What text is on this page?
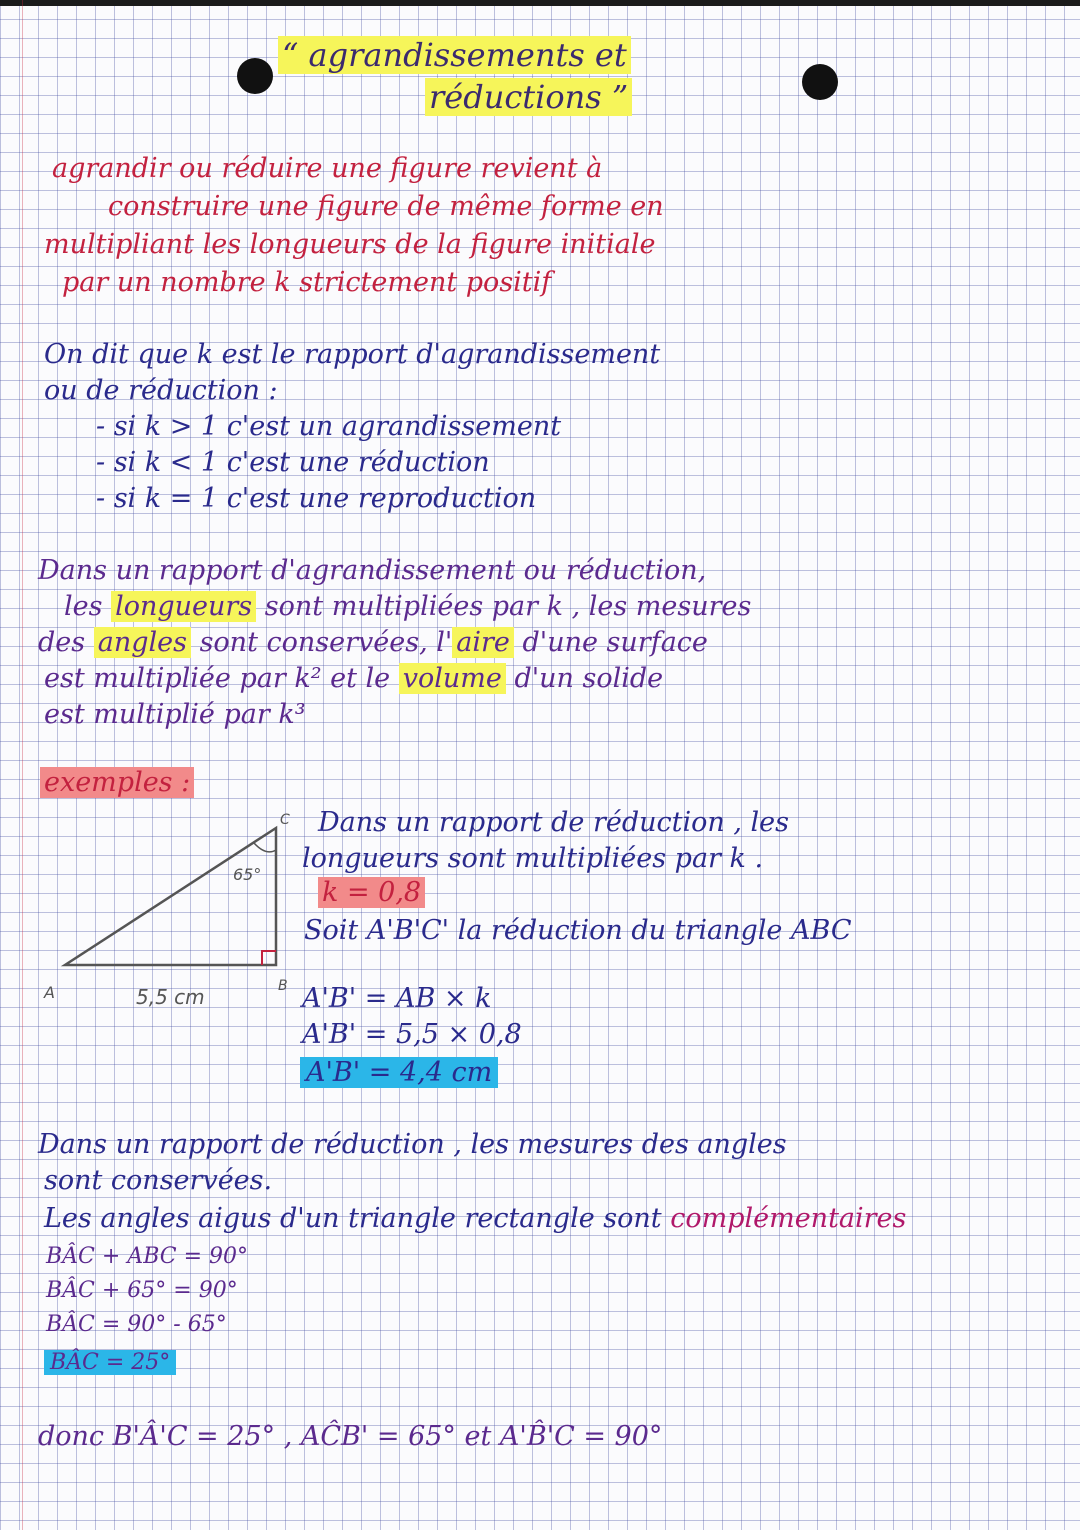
“ agrandissements et
réductions ”
agrandir ou réduire une figure revient à
construire une figure de même forme en
multipliant les longueurs de la figure initiale
par un nombre k strictement positif
On dit que k est le rapport d'agrandissement
ou de réduction :
- si k > 1 c'est un agrandissement
- si k < 1 c'est une réduction
- si k = 1 c'est une reproduction
Dans un rapport d'agrandissement ou réduction,
les longueurs sont multipliées par k , les mesures
des angles sont conservées, l' aire d'une surface
est multipliée par k² et le volume d'un solide
est multiplié par k³
exemples :
C
A	B
65°
5,5 cm
Dans un rapport de réduction , les
longueurs sont multipliées par k .
k = 0,8
Soit A'B'C' la réduction du triangle ABC
A'B' = AB × k
A'B' = 5,5 × 0,8
A'B' = 4,4 cm
Dans un rapport de réduction , les mesures des angles
sont conservées.
Les angles aigus d'un triangle rectangle sont complémentaires
BÂC + ABC = 90°
BÂC + 65° = 90°
BÂC = 90° - 65°
BÂC = 25°
donc B'Â'C = 25° , AĈB' = 65° et A'B̂'C = 90°
